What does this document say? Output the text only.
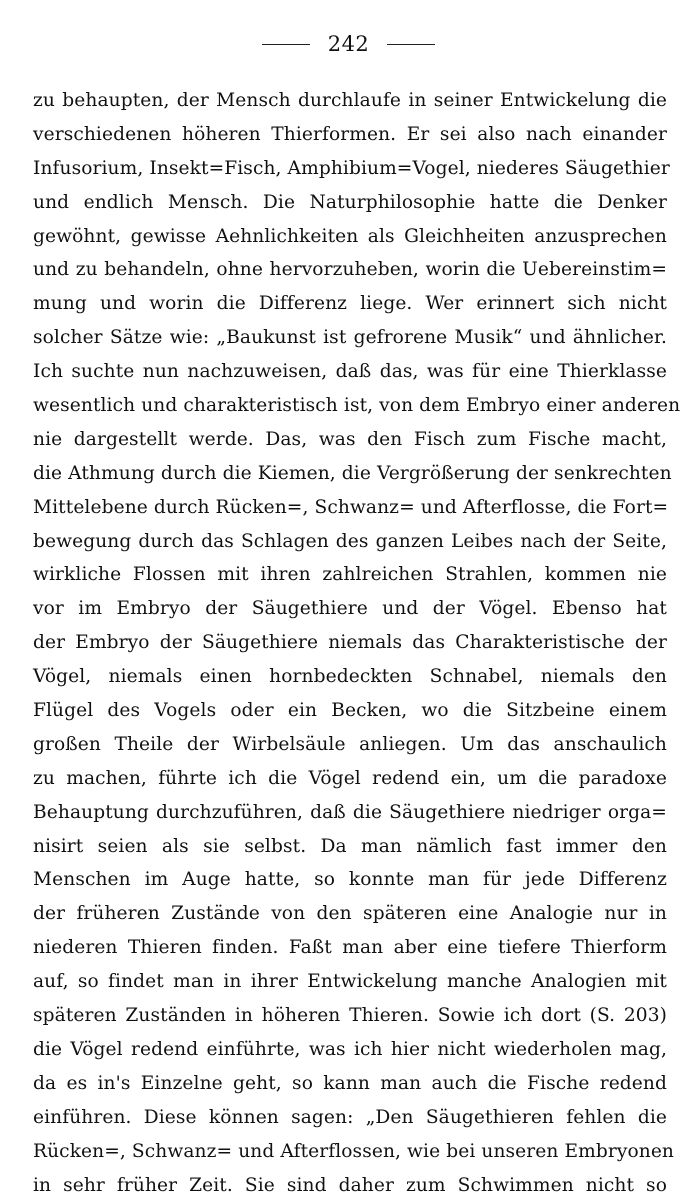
242
zu behaupten, der Mensch durchlaufe in seiner Entwickelung die
verschiedenen höheren Thierformen. Er sei also nach einander
Infusorium, Insekt=Fisch, Amphibium=Vogel, niederes Säugethier
und endlich Mensch. Die Naturphilosophie hatte die Denker
gewöhnt, gewisse Aehnlichkeiten als Gleichheiten anzusprechen
und zu behandeln, ohne hervorzuheben, worin die Uebereinstim=
mung und worin die Differenz liege. Wer erinnert sich nicht
solcher Sätze wie: „Baukunst ist gefrorene Musik“ und ähnlicher.
Ich suchte nun nachzuweisen, daß das, was für eine Thierklasse
wesentlich und charakteristisch ist, von dem Embryo einer anderen
nie dargestellt werde. Das, was den Fisch zum Fische macht,
die Athmung durch die Kiemen, die Vergrößerung der senkrechten
Mittelebene durch Rücken=, Schwanz= und Afterflosse, die Fort=
bewegung durch das Schlagen des ganzen Leibes nach der Seite,
wirkliche Flossen mit ihren zahlreichen Strahlen, kommen nie
vor im Embryo der Säugethiere und der Vögel. Ebenso hat
der Embryo der Säugethiere niemals das Charakteristische der
Vögel, niemals einen hornbedeckten Schnabel, niemals den
Flügel des Vogels oder ein Becken, wo die Sitzbeine einem
großen Theile der Wirbelsäule anliegen. Um das anschaulich
zu machen, führte ich die Vögel redend ein, um die paradoxe
Behauptung durchzuführen, daß die Säugethiere niedriger orga=
nisirt seien als sie selbst. Da man nämlich fast immer den
Menschen im Auge hatte, so konnte man für jede Differenz
der früheren Zustände von den späteren eine Analogie nur in
niederen Thieren finden. Faßt man aber eine tiefere Thierform
auf, so findet man in ihrer Entwickelung manche Analogien mit
späteren Zuständen in höheren Thieren. Sowie ich dort (S. 203)
die Vögel redend einführte, was ich hier nicht wiederholen mag,
da es in's Einzelne geht, so kann man auch die Fische redend
einführen. Diese können sagen: „Den Säugethieren fehlen die
Rücken=, Schwanz= und Afterflossen, wie bei unseren Embryonen
in sehr früher Zeit. Sie sind daher zum Schwimmen nicht so
